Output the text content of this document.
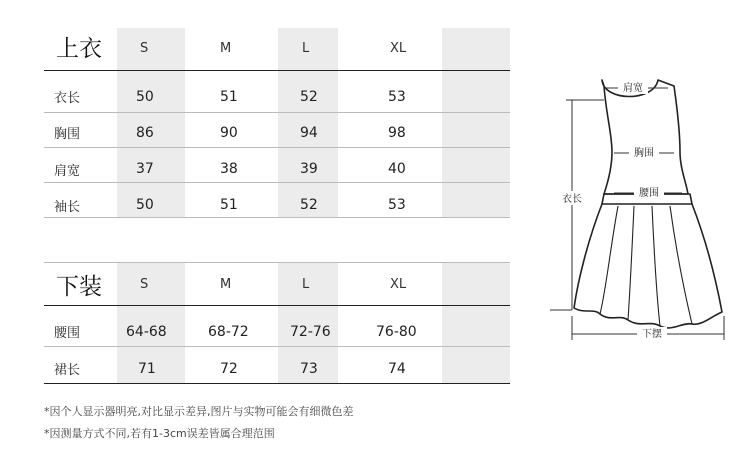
上衣	S	M	L	XL
衣长	50	51	52	53
胸围	86	90	94	98
肩宽	37	38	39	40
袖长	50	51	52	53
下装	S	M	L	XL
腰围	64-68	68-72	72-76	76-80
裙长	71	72	73	74
*因个人显示器明亮,对比显示差异,图片与实物可能会有细微色差
*因测量方式不同,若有1-3cm误差皆属合理范围
肩宽
胸围
腰围
衣长
下摆
